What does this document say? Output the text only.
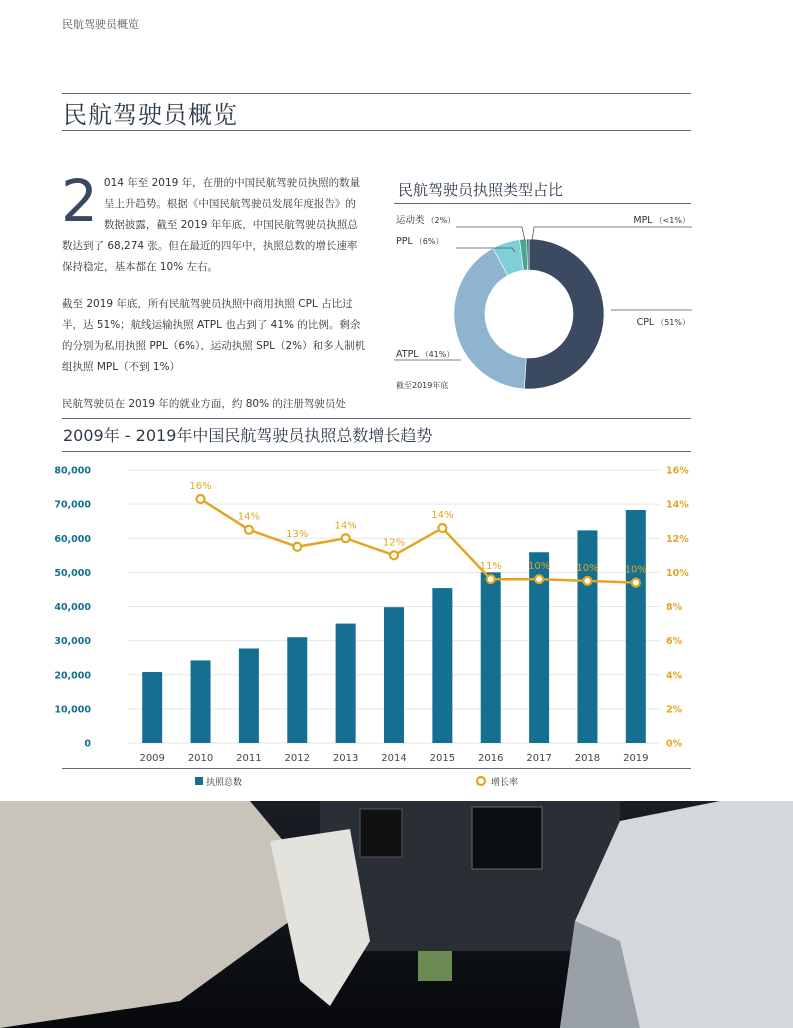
民航驾驶员概览
民航驾驶员概览

2 014 年至 2019 年，在册的中国民航驾驶员执照的数量呈上升趋势。根据《中国民航驾驶员发展年度报告》的数据披露，截至 2019 年年底，中国民航驾驶员执照总数达到了 68,274 张。但在最近的四年中，执照总数的增长速率保持稳定，基本都在 10% 左右。

截至 2019 年底，所有民航驾驶员执照中商用执照 CPL 占比过半，达 51%；航线运输执照 ATPL 也占到了 41% 的比例。剩余的分别为私用执照 PPL（6%）、运动执照 SPL（2%）和多人制机组执照 MPL（不到 1%）

民航驾驶员在 2019 年的就业方面，约 80% 的注册驾驶员处

民航驾驶员执照类型占比
运动类 （2%）
PPL （6%）
MPL （<1%）
CPL （51%）
ATPL （41%）
截至2019年底
2009年 - 2019年中国民航驾驶员执照总数增长趋势
0
10,000
20,000
30,000
40,000
50,000
60,000
70,000
80,000
0%
2%
4%
6%
8%
10%
12%
14%
16%
2009 2010 2011 2012 2013 2014 2015 2016 2017 2018 2019
16%
14%
13%
14%
12%
14%
11%	10%	10%	10%
执照总数	增长率
